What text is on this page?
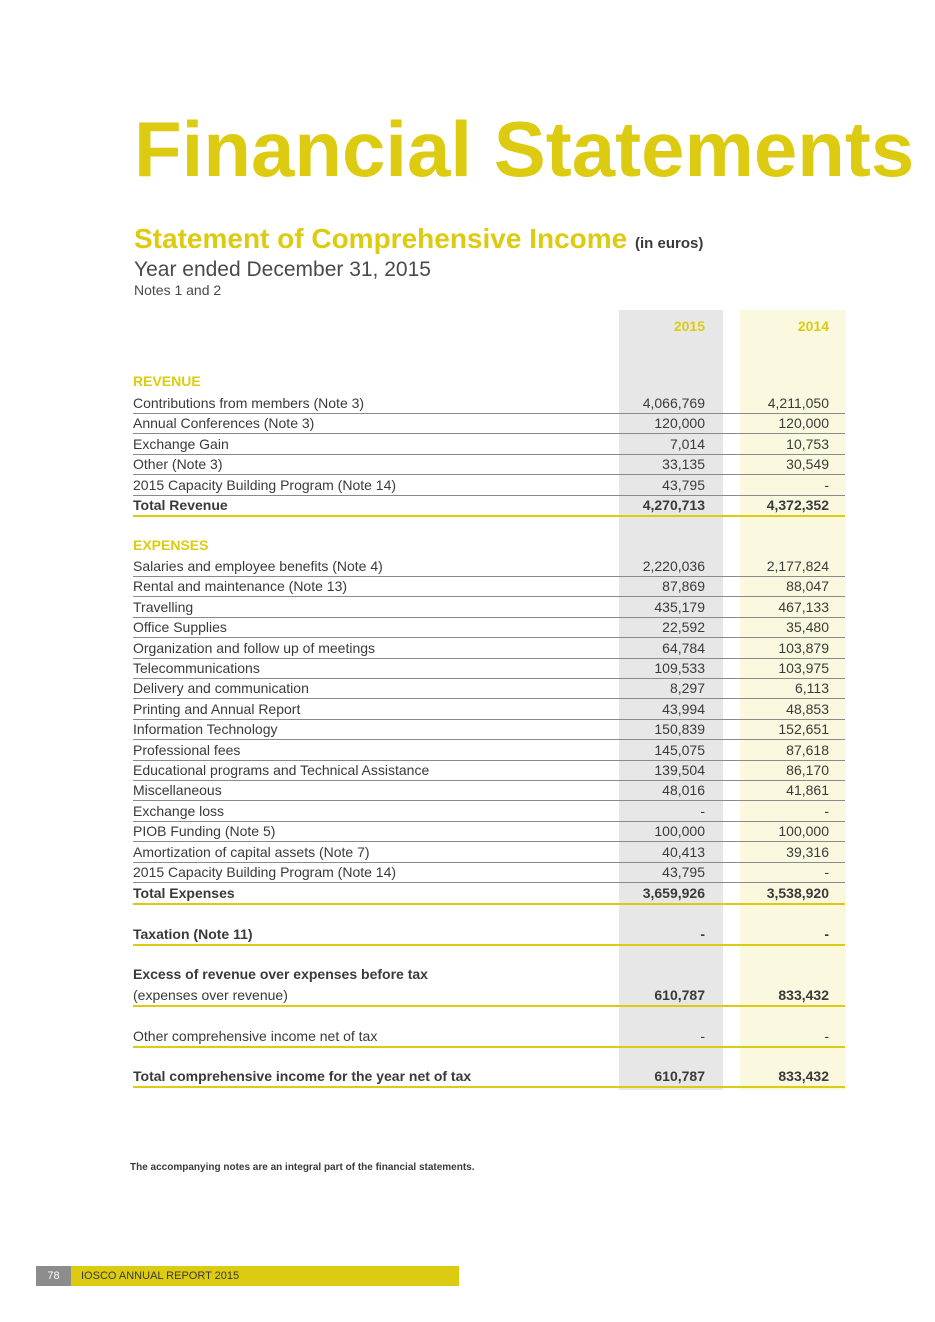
Financial Statements
Statement of Comprehensive Income (in euros)
Year ended December 31, 2015
Notes 1 and 2
2015	2014
REVENUE
Contributions from members (Note 3)	4,066,769	4,211,050
Annual Conferences (Note 3)	120,000	120,000
Exchange Gain	7,014	10,753
Other (Note 3)	33,135	30,549
2015 Capacity Building Program (Note 14)	43,795	-
Total Revenue	4,270,713	4,372,352
EXPENSES
Salaries and employee benefits (Note 4)	2,220,036	2,177,824
Rental and maintenance (Note 13)	87,869	88,047
Travelling	435,179	467,133
Office Supplies	22,592	35,480
Organization and follow up of meetings	64,784	103,879
Telecommunications	109,533	103,975
Delivery and communication	8,297	6,113
Printing and Annual Report	43,994	48,853
Information Technology	150,839	152,651
Professional fees	145,075	87,618
Educational programs and Technical Assistance	139,504	86,170
Miscellaneous	48,016	41,861
Exchange loss	-	-
PIOB Funding (Note 5)	100,000	100,000
Amortization of capital assets (Note 7)	40,413	39,316
2015 Capacity Building Program (Note 14)	43,795	-
Total Expenses	3,659,926	3,538,920
Taxation (Note 11)	-	-
Excess of revenue over expenses before tax
(expenses over revenue)	610,787	833,432
Other comprehensive income net of tax	-	-
Total comprehensive income for the year net of tax	610,787	833,432
The accompanying notes are an integral part of the financial statements.
78	IOSCO ANNUAL REPORT 2015
